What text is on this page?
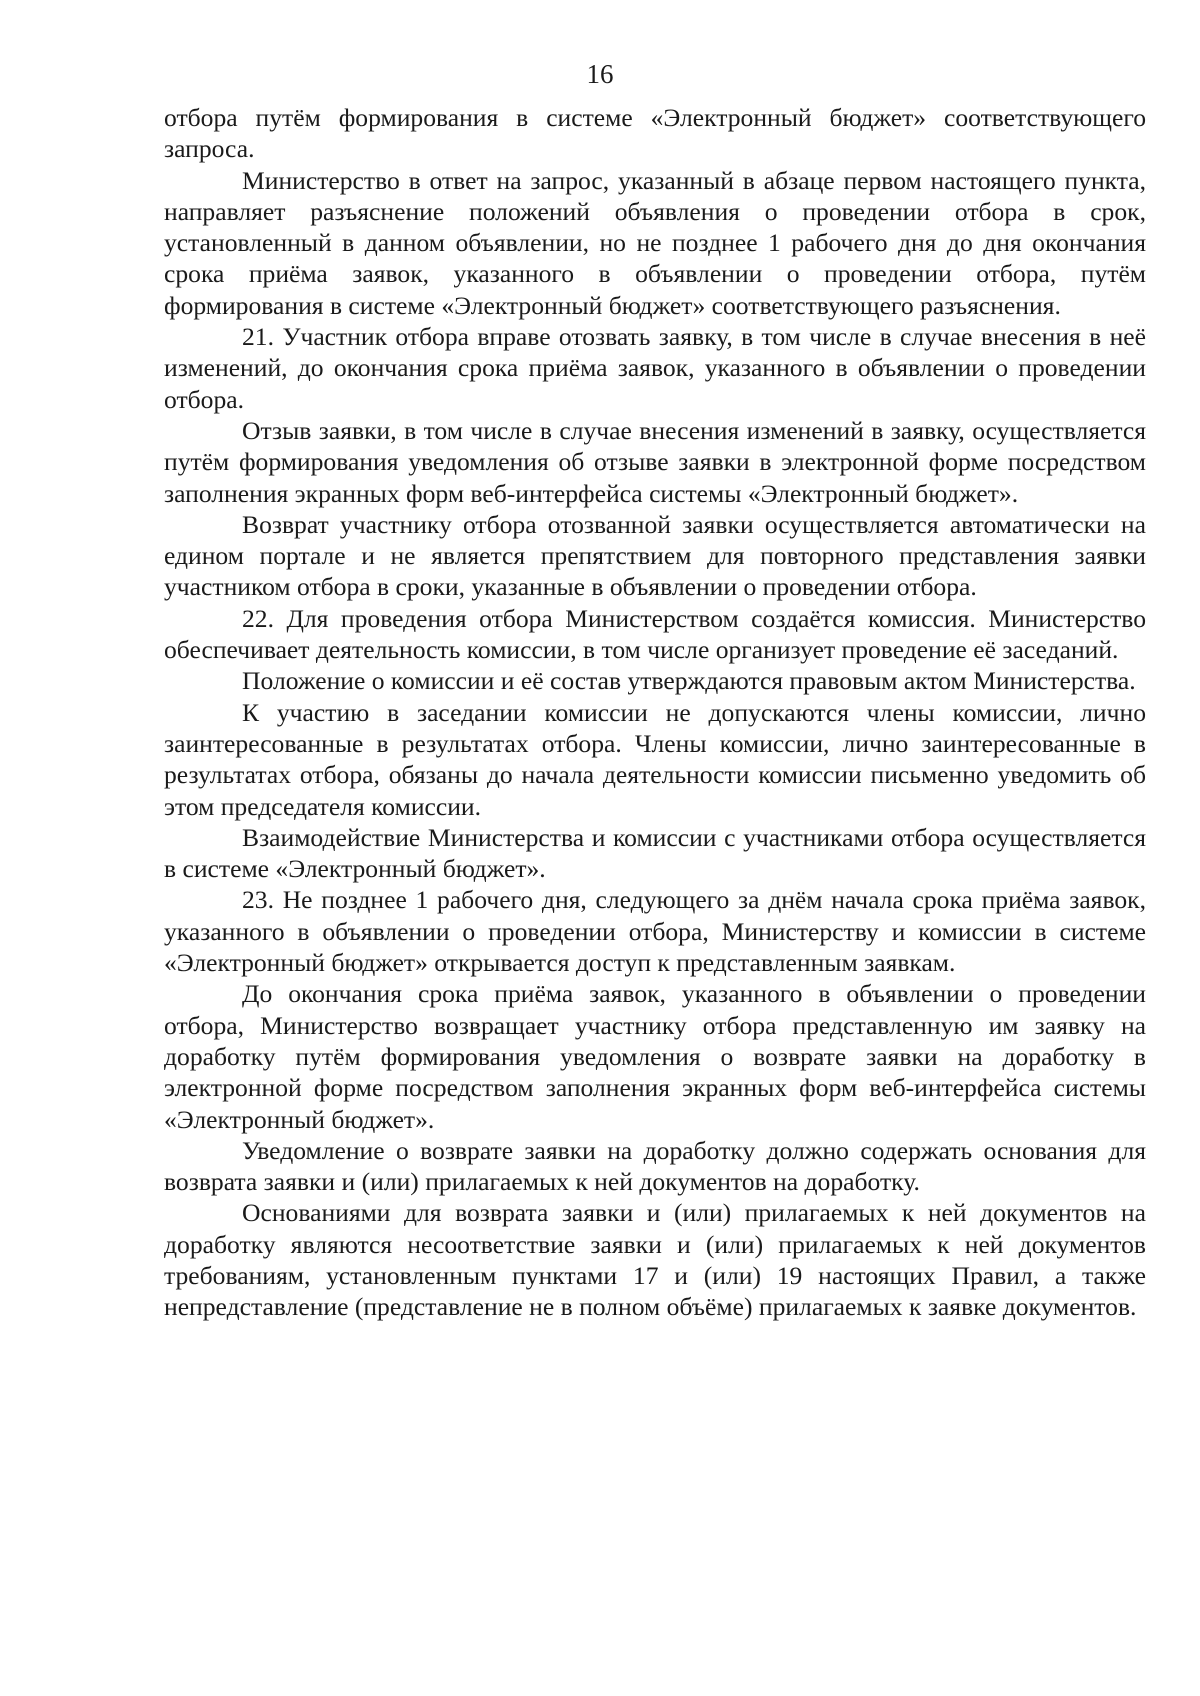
16

отбора путём формирования в системе «Электронный бюджет» соответствующего запроса.

Министерство в ответ на запрос, указанный в абзаце первом настоящего пункта, направляет разъяснение положений объявления о проведении отбора в срок, установленный в данном объявлении, но не позднее 1 рабочего дня до дня окончания срока приёма заявок, указанного в объявлении о проведении отбора, путём формирования в системе «Электронный бюджет» соответствующего разъяснения.

21. Участник отбора вправе отозвать заявку, в том числе в случае внесения в неё изменений, до окончания срока приёма заявок, указанного в объявлении о проведении отбора.

Отзыв заявки, в том числе в случае внесения изменений в заявку, осуществляется путём формирования уведомления об отзыве заявки в электронной форме посредством заполнения экранных форм веб-интерфейса системы «Электронный бюджет».

Возврат участнику отбора отозванной заявки осуществляется автоматически на едином портале и не является препятствием для повторного представления заявки участником отбора в сроки, указанные в объявлении о проведении отбора.

22. Для проведения отбора Министерством создаётся комиссия. Министерство обеспечивает деятельность комиссии, в том числе организует проведение её заседаний.

Положение о комиссии и её состав утверждаются правовым актом Министерства.

К участию в заседании комиссии не допускаются члены комиссии, лично заинтересованные в результатах отбора. Члены комиссии, лично заинтересованные в результатах отбора, обязаны до начала деятельности комиссии письменно уведомить об этом председателя комиссии.

Взаимодействие Министерства и комиссии с участниками отбора осуществляется в системе «Электронный бюджет».

23. Не позднее 1 рабочего дня, следующего за днём начала срока приёма заявок, указанного в объявлении о проведении отбора, Министерству и комиссии в системе «Электронный бюджет» открывается доступ к представленным заявкам.

До окончания срока приёма заявок, указанного в объявлении о проведении отбора, Министерство возвращает участнику отбора представленную им заявку на доработку путём формирования уведомления о возврате заявки на доработку в электронной форме посредством заполнения экранных форм веб-интерфейса системы «Электронный бюджет».

Уведомление о возврате заявки на доработку должно содержать основания для возврата заявки и (или) прилагаемых к ней документов на доработку.

Основаниями для возврата заявки и (или) прилагаемых к ней документов на доработку являются несоответствие заявки и (или) прилагаемых к ней документов требованиям, установленным пунктами 17 и (или) 19 настоящих Правил, а также непредставление (представление не в полном объёме) прилагаемых к заявке документов.
